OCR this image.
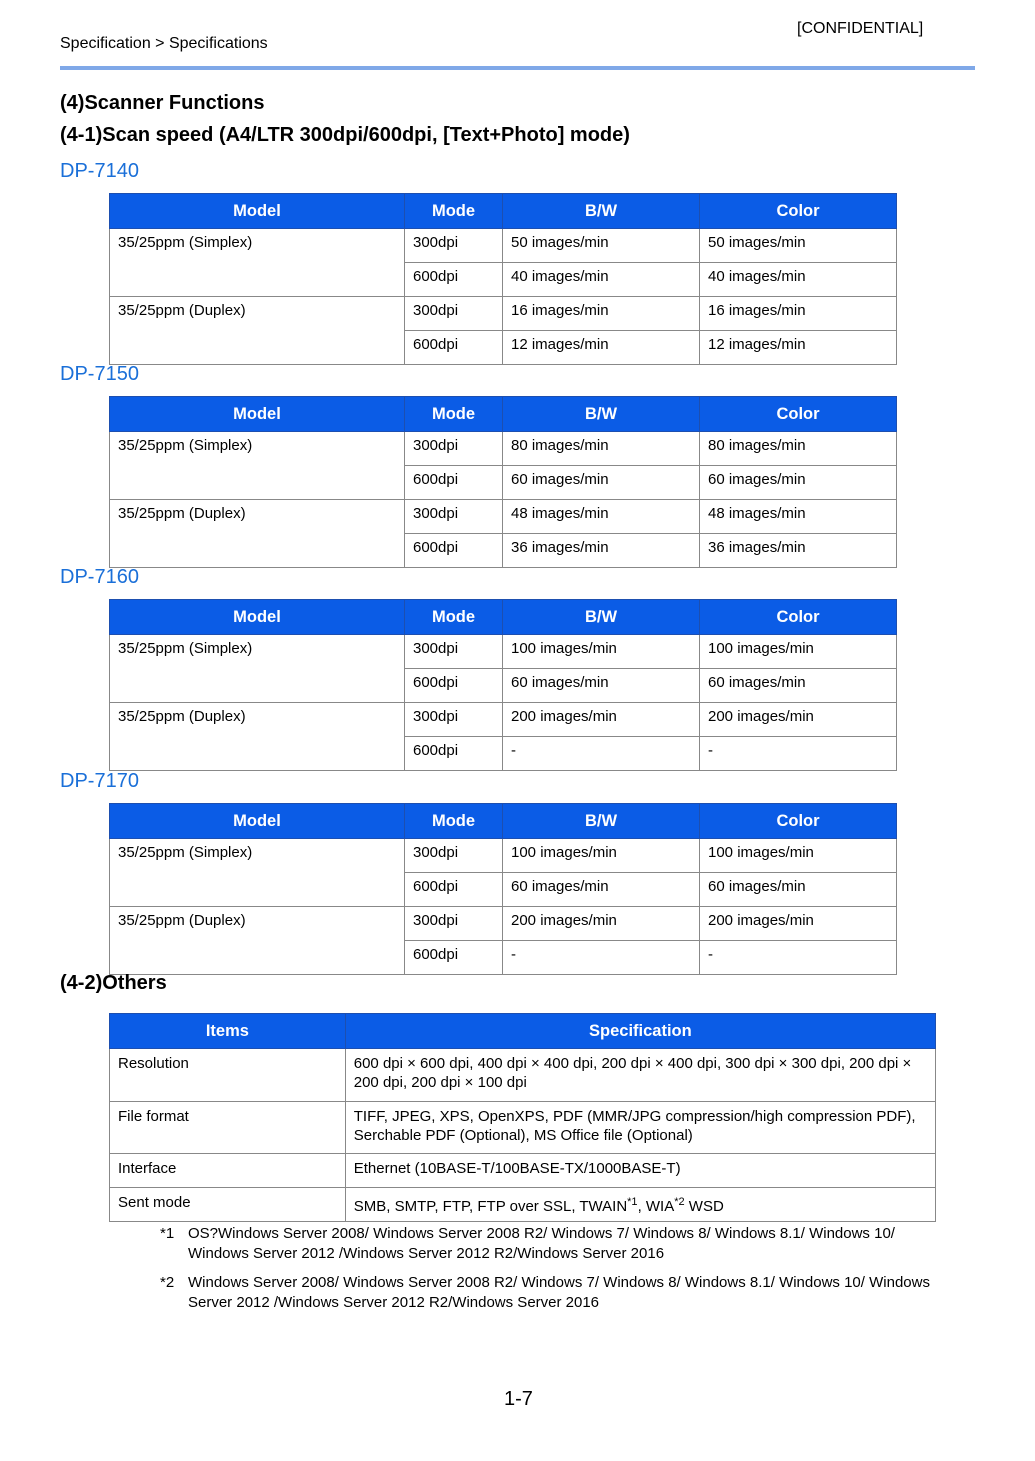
[CONFIDENTIAL]
Specification > Specifications
(4)Scanner Functions
(4-1)Scan speed (A4/LTR 300dpi/600dpi, [Text+Photo] mode)
DP-7140
Model	Mode	B/W	Color
35/25ppm (Simplex)	300dpi	50 images/min	50 images/min
	600dpi	40 images/min	40 images/min
35/25ppm (Duplex)	300dpi	16 images/min	16 images/min
	600dpi	12 images/min	12 images/min
DP-7150
Model	Mode	B/W	Color
35/25ppm (Simplex)	300dpi	80 images/min	80 images/min
	600dpi	60 images/min	60 images/min
35/25ppm (Duplex)	300dpi	48 images/min	48 images/min
	600dpi	36 images/min	36 images/min
DP-7160
Model	Mode	B/W	Color
35/25ppm (Simplex)	300dpi	100 images/min	100 images/min
	600dpi	60 images/min	60 images/min
35/25ppm (Duplex)	300dpi	200 images/min	200 images/min
	600dpi	-	-
DP-7170
Model	Mode	B/W	Color
35/25ppm (Simplex)	300dpi	100 images/min	100 images/min
	600dpi	60 images/min	60 images/min
35/25ppm (Duplex)	300dpi	200 images/min	200 images/min
	600dpi	-	-
(4-2)Others
Items	Specification
Resolution	600 dpi × 600 dpi, 400 dpi × 400 dpi, 200 dpi × 400 dpi, 300 dpi × 300 dpi, 200 dpi × 200 dpi, 200 dpi × 100 dpi
File format	TIFF, JPEG, XPS, OpenXPS, PDF (MMR/JPG compression/high compression PDF), Serchable PDF (Optional), MS Office file (Optional)
Interface	Ethernet (10BASE-T/100BASE-TX/1000BASE-T)
Sent mode	SMB, SMTP, FTP, FTP over SSL, TWAIN$^{*1}$, WIA$^{*2}$ WSD
*1 OS?Windows Server 2008/ Windows Server 2008 R2/ Windows 7/ Windows 8/ Windows 8.1/ Windows 10/ Windows Server 2012 /Windows Server 2012 R2/Windows Server 2016
*2 Windows Server 2008/ Windows Server 2008 R2/ Windows 7/ Windows 8/ Windows 8.1/ Windows 10/ Windows Server 2012 /Windows Server 2012 R2/Windows Server 2016
1-7
